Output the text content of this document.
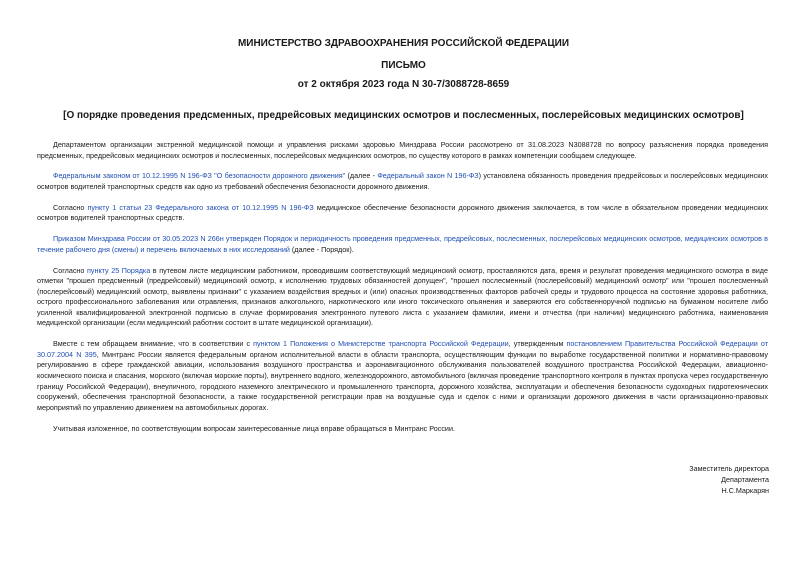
МИНИСТЕРСТВО ЗДРАВООХРАНЕНИЯ РОССИЙСКОЙ ФЕДЕРАЦИИ
ПИСЬМО
от 2 октября 2023 года N 30-7/3088728-8659
[О порядке проведения предсменных, предрейсовых медицинских осмотров и послесменных, послерейсовых медицинских осмотров]

Департаментом организации экстренной медицинской помощи и управления рисками здоровью Минздрава России рассмотрено от 31.08.2023 N3088728 по вопросу разъяснения порядка проведения предсменных, предрейсовых медицинских осмотров и послесменных, послерейсовых медицинских осмотров, по существу которого в рамках компетенции сообщаем следующее.

Федеральным законом от 10.12.1995 N 196-ФЗ "О безопасности дорожного движения" (далее - Федеральный закон N 196-ФЗ) установлена обязанность проведения предрейсовых и послерейсовых медицинских осмотров водителей транспортных средств как одно из требований обеспечения безопасности дорожного движения.

Согласно пункту 1 статьи 23 Федерального закона от 10.12.1995 N 196-ФЗ медицинское обеспечение безопасности дорожного движения заключается, в том числе в обязательном проведении медицинских осмотров водителей транспортных средств.

Приказом Минздрава России от 30.05.2023 N 266н утвержден Порядок и периодичность проведения предсменных, предрейсовых, послесменных, послерейсовых медицинских осмотров, медицинских осмотров в течение рабочего дня (смены) и перечень включаемых в них исследований (далее - Порядок).

Согласно пункту 25 Порядка в путевом листе медицинским работником, проводившим соответствующий медицинский осмотр, проставляются дата, время и результат проведения медицинского осмотра в виде отметки "прошел предсменный (предрейсовый) медицинский осмотр, к исполнению трудовых обязанностей допущен", "прошел послесменный (послерейсовый) медицинский осмотр" или "прошел послесменный (послерейсовый) медицинский осмотр, выявлены признаки" с указанием воздействия вредных и (или) опасных производственных факторов рабочей среды и трудового процесса на состояние здоровья работника, острого профессионального заболевания или отравления, признаков алкогольного, наркотического или иного токсического опьянения и заверяются его собственноручной подписью на бумажном носителе либо усиленной квалифицированной электронной подписью в случае формирования электронного путевого листа с указанием фамилии, имени и отчества (при наличии) медицинского работника, наименования медицинской организации (если медицинский работник состоит в штате медицинской организации).

Вместе с тем обращаем внимание, что в соответствии с пунктом 1 Положения о Министерстве транспорта Российской Федерации, утвержденным постановлением Правительства Российской Федерации от 30.07.2004 N 395, Минтранс России является федеральным органом исполнительной власти в области транспорта, осуществляющим функции по выработке государственной политики и нормативно-правовому регулированию в сфере гражданской авиации, использования воздушного пространства и аэронавигационного обслуживания пользователей воздушного пространства Российской Федерации, авиационно-космического поиска и спасания, морского (включая морские порты), внутреннего водного, железнодорожного, автомобильного (включая проведение транспортного контроля в пунктах пропуска через государственную границу Российской Федерации), внеуличного, городского наземного электрического и промышленного транспорта, дорожного хозяйства, эксплуатации и обеспечения безопасности судоходных гидротехнических сооружений, обеспечения транспортной безопасности, а также государственной регистрации прав на воздушные суда и сделок с ними и организации дорожного движения в части организационно-правовых мероприятий по управлению движением на автомобильных дорогах.

Учитывая изложенное, по соответствующим вопросам заинтересованные лица вправе обращаться в Минтранс России.

Заместитель директора
Департамента
Н.С.Маркарян
